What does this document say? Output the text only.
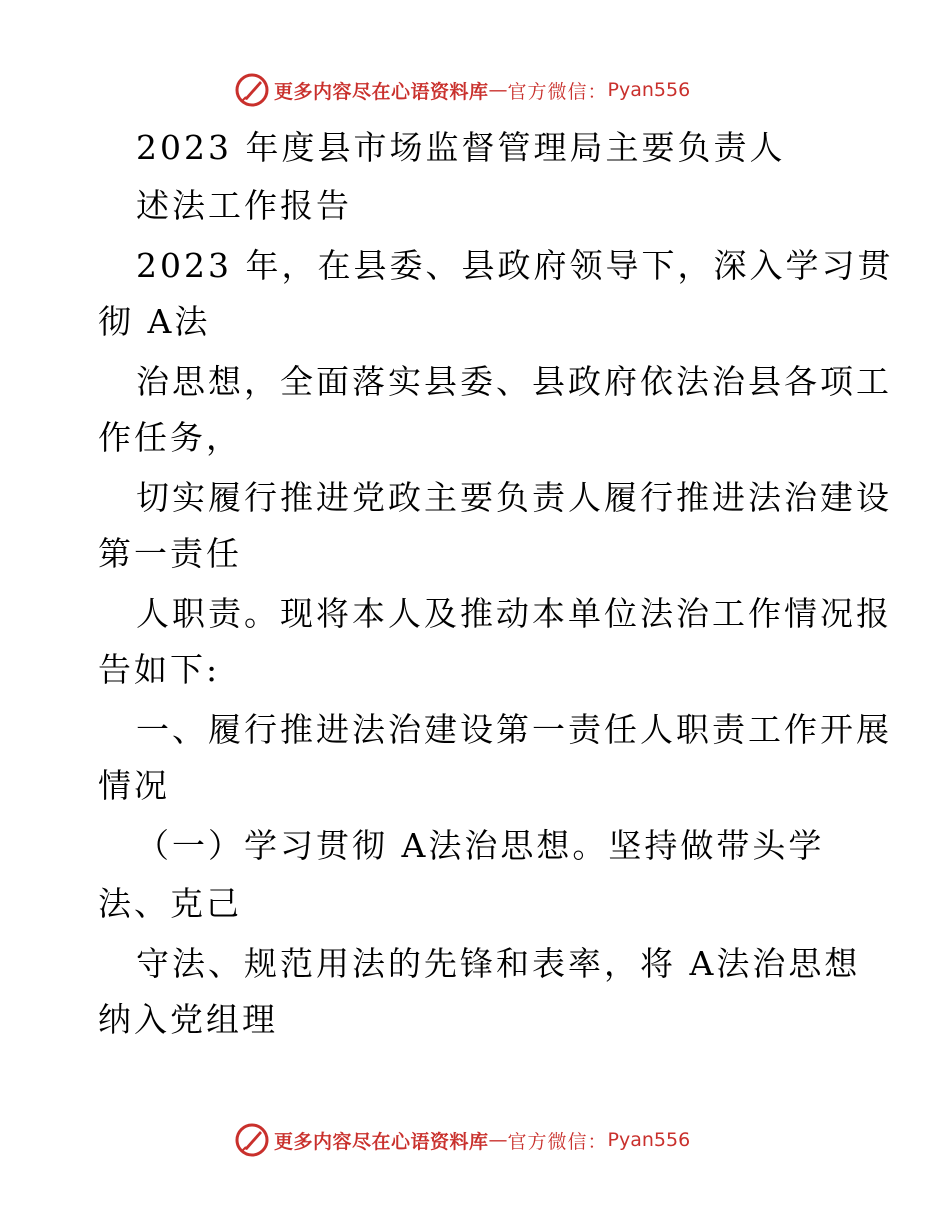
更多内容尽在心语资料库 — 官方微信： Pyan556
2023 年度县市场监督管理局主要负责人
述法工作报告
2023 年，在县委、县政府领导下，深入学习贯
彻 A法
治思想，全面落实县委、县政府依法治县各项工
作任务，
切实履行推进党政主要负责人履行推进法治建设
第一责任
人职责。现将本人及推动本单位法治工作情况报
告如下:
一、履行推进法治建设第一责任人职责工作开展
情况
（一）学习贯彻 A法治思想。坚持做带头学
法、克己
守法、规范用法的先锋和表率，将 A法治思想
纳入党组理
更多内容尽在心语资料库 — 官方微信： Pyan556
